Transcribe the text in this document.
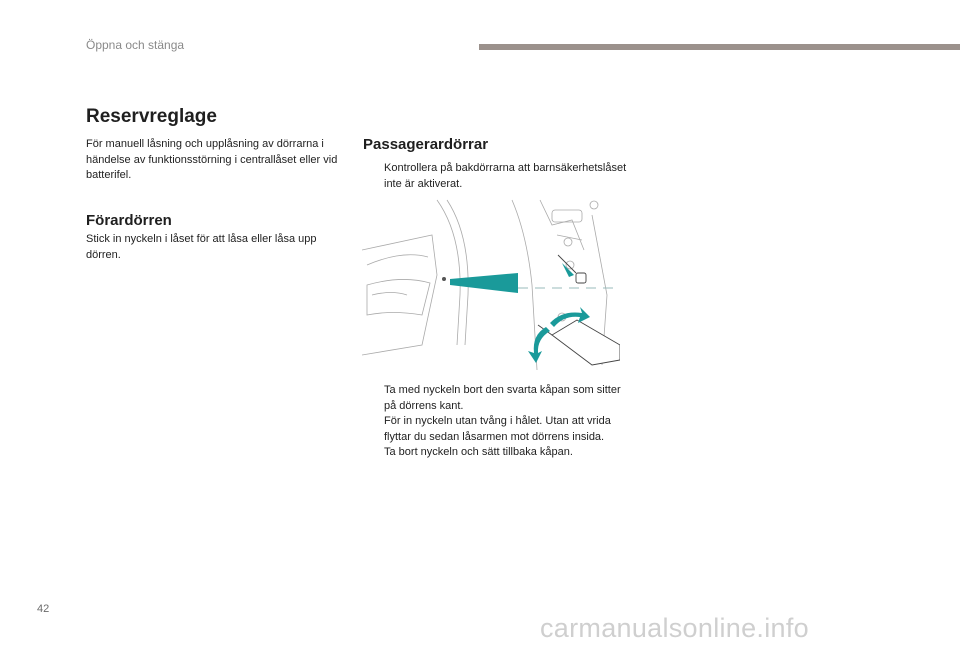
Öppna och stänga
Reservreglage

För manuell låsning och upplåsning av dörrarna i händelse av funktionsstörning i centrallåset eller vid batterifel.

Förardörren

Stick in nyckeln i låset för att låsa eller låsa upp dörren.

Passagerardörrar
Kontrollera på bakdörrarna att barnsäkerhetslåset inte är aktiverat.
Ta med nyckeln bort den svarta kåpan som sitter på dörrens kant.
För in nyckeln utan tvång i hålet. Utan att vrida flyttar du sedan låsarmen mot dörrens insida.
Ta bort nyckeln och sätt tillbaka kåpan.
42
carmanualsonline.info
